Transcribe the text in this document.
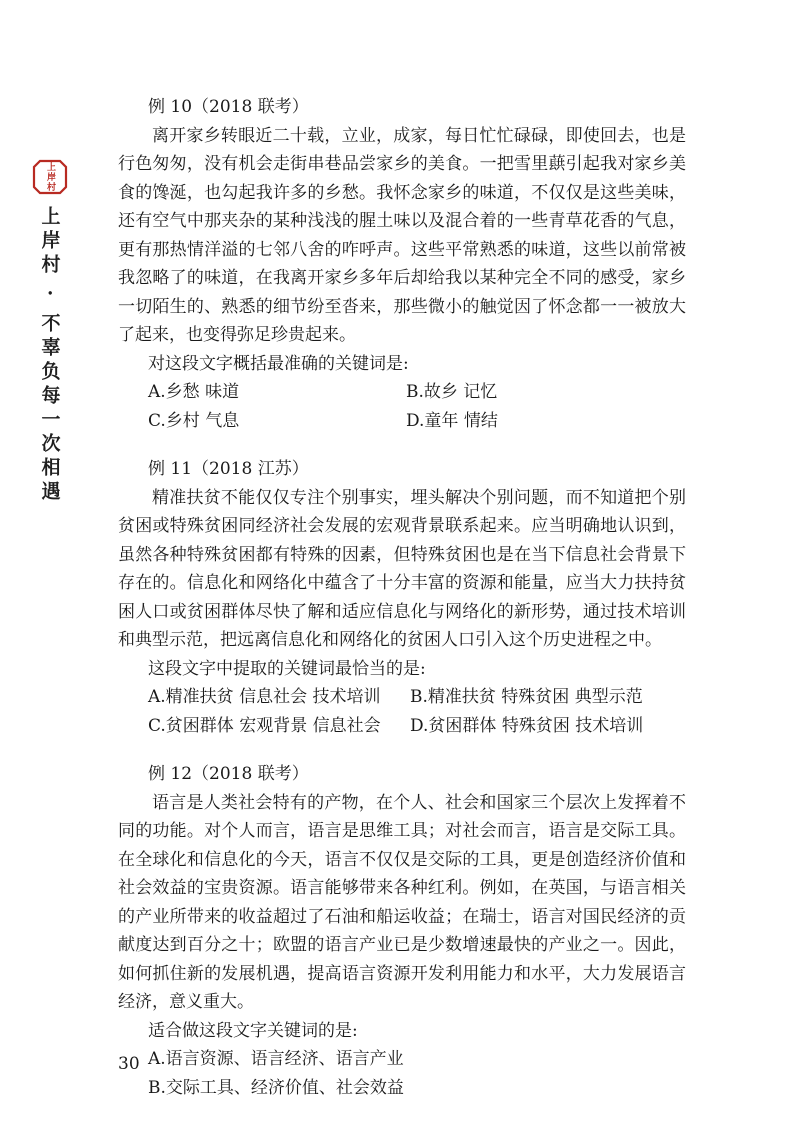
上岸村
上岸村 · 不辜负每一次相遇
例 10（2018 联考）

离开家乡转眼近二十载，立业，成家，每日忙忙碌碌，即使回去，也是行色匆匆，没有机会走街串巷品尝家乡的美食。一把雪里蕻引起我对家乡美食的馋涎，也勾起我许多的乡愁。我怀念家乡的味道，不仅仅是这些美味，还有空气中那夹杂的某种浅浅的腥土味以及混合着的一些青草花香的气息，更有那热情洋溢的七邻八舍的咋呼声。这些平常熟悉的味道，这些以前常被我忽略了的味道，在我离开家乡多年后却给我以某种完全不同的感受，家乡一切陌生的、熟悉的细节纷至沓来，那些微小的触觉因了怀念都一一被放大了起来，也变得弥足珍贵起来。

对这段文字概括最准确的关键词是:
A.乡愁 味道	B.故乡 记忆
C.乡村 气息	D.童年 情结
例 11（2018 江苏）

精准扶贫不能仅仅专注个别事实，埋头解决个别问题，而不知道把个别贫困或特殊贫困同经济社会发展的宏观背景联系起来。应当明确地认识到，虽然各种特殊贫困都有特殊的因素，但特殊贫困也是在当下信息社会背景下存在的。信息化和网络化中蕴含了十分丰富的资源和能量，应当大力扶持贫困人口或贫困群体尽快了解和适应信息化与网络化的新形势，通过技术培训和典型示范，把远离信息化和网络化的贫困人口引入这个历史进程之中。

这段文字中提取的关键词最恰当的是:
A.精准扶贫 信息社会 技术培训	B.精准扶贫 特殊贫困 典型示范
C.贫困群体 宏观背景 信息社会	D.贫困群体 特殊贫困 技术培训
例 12（2018 联考）

语言是人类社会特有的产物，在个人、社会和国家三个层次上发挥着不同的功能。对个人而言，语言是思维工具；对社会而言，语言是交际工具。在全球化和信息化的今天，语言不仅仅是交际的工具，更是创造经济价值和社会效益的宝贵资源。语言能够带来各种红利。例如，在英国，与语言相关的产业所带来的收益超过了石油和船运收益；在瑞士，语言对国民经济的贡献度达到百分之十；欧盟的语言产业已是少数增速最快的产业之一。因此，如何抓住新的发展机遇，提高语言资源开发利用能力和水平，大力发展语言经济，意义重大。

适合做这段文字关键词的是:
A.语言资源、语言经济、语言产业
B.交际工具、经济价值、社会效益
30
